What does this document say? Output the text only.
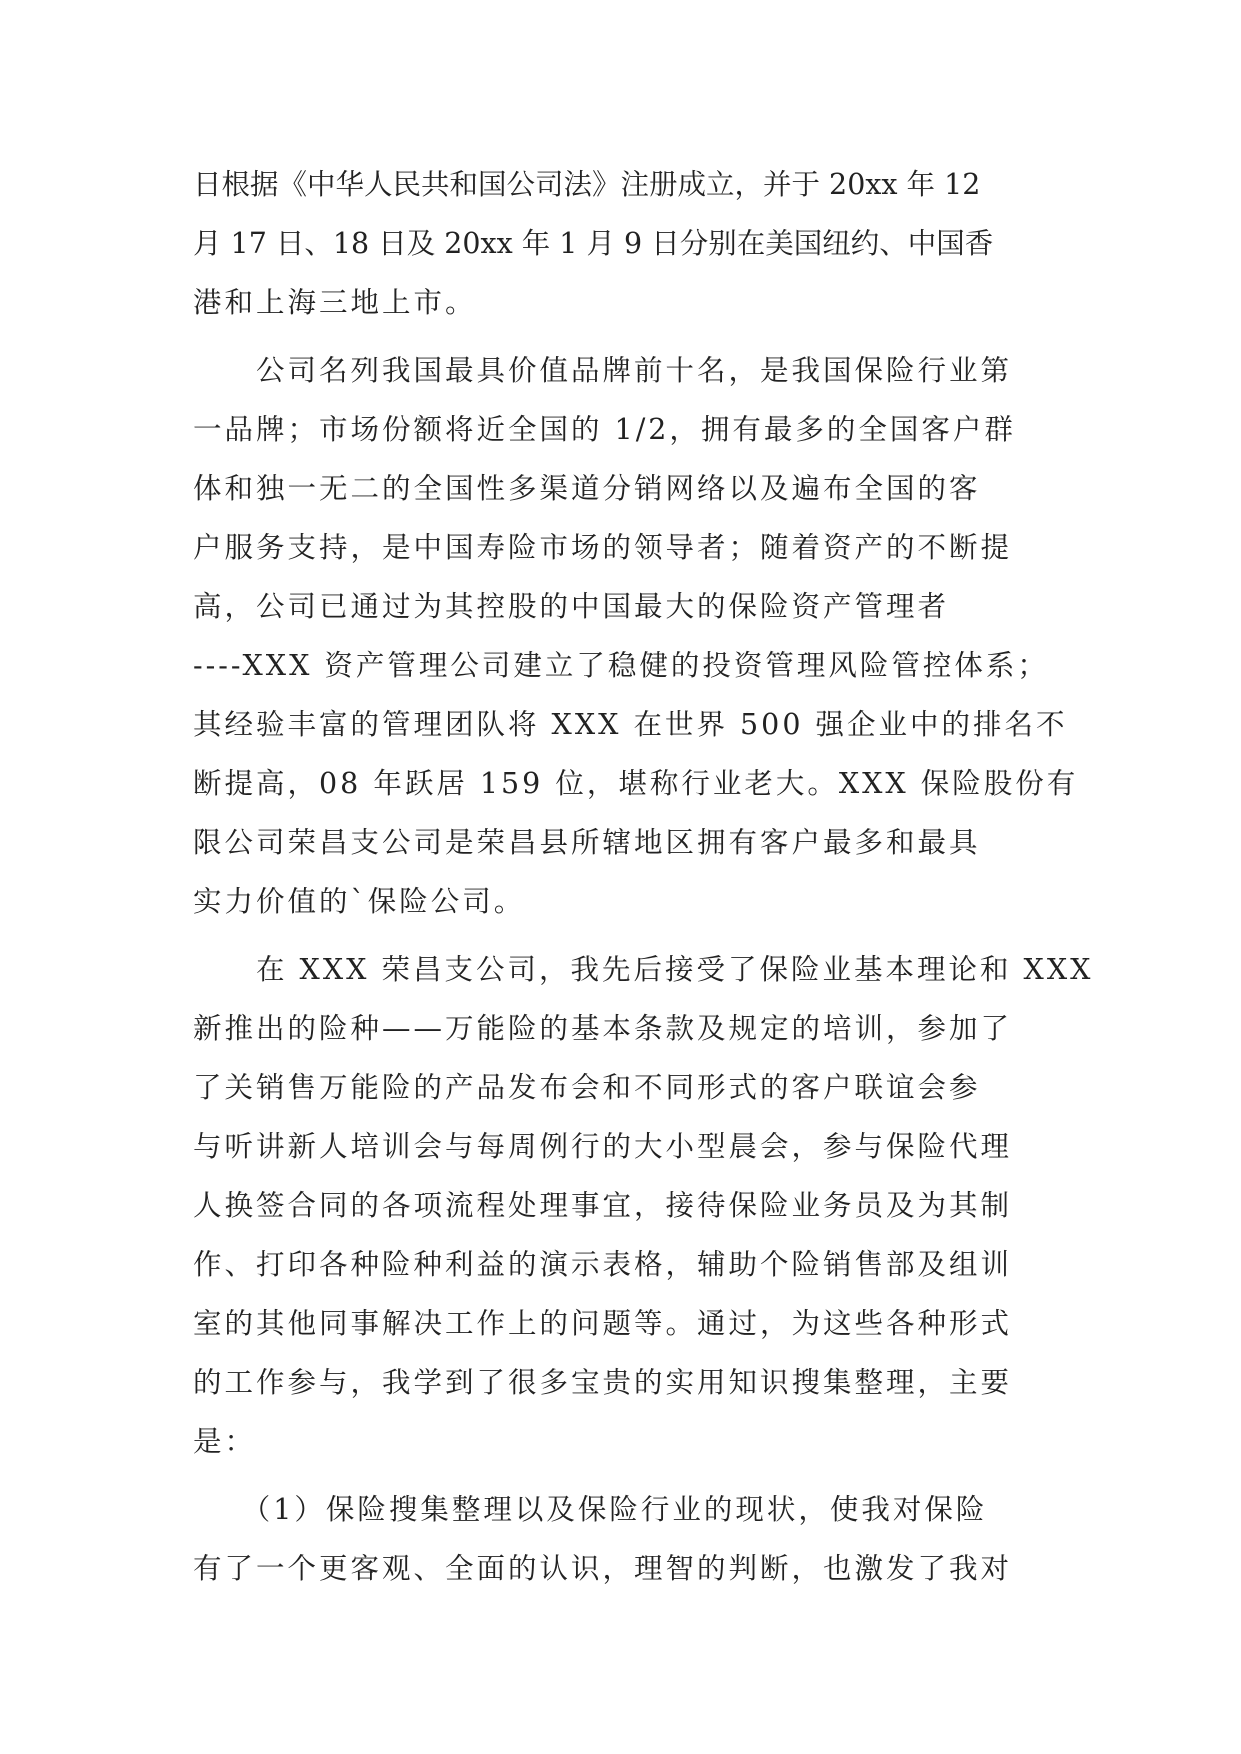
日根据《中华人民共和国公司法》注册成立，并于 20xx 年 12
月 17 日、18 日及 20xx 年 1 月 9 日分别在美国纽约、中国香
港和上海三地上市。
　　公司名列我国最具价值品牌前十名，是我国保险行业第
一品牌；市场份额将近全国的 1/2，拥有最多的全国客户群
体和独一无二的全国性多渠道分销网络以及遍布全国的客
户服务支持，是中国寿险市场的领导者；随着资产的不断提
高，公司已通过为其控股的中国最大的保险资产管理者
----XXX 资产管理公司建立了稳健的投资管理风险管控体系；
其经验丰富的管理团队将 XXX 在世界 500 强企业中的排名不
断提高，08 年跃居 159 位，堪称行业老大。XXX 保险股份有
限公司荣昌支公司是荣昌县所辖地区拥有客户最多和最具
实力价值的`保险公司。
　　在 XXX 荣昌支公司，我先后接受了保险业基本理论和 XXX
新推出的险种——万能险的基本条款及规定的培训，参加了
了关销售万能险的产品发布会和不同形式的客户联谊会参
与听讲新人培训会与每周例行的大小型晨会，参与保险代理
人换签合同的各项流程处理事宜，接待保险业务员及为其制
作、打印各种险种利益的演示表格，辅助个险销售部及组训
室的其他同事解决工作上的问题等。通过，为这些各种形式
的工作参与，我学到了很多宝贵的实用知识搜集整理，主要
是：
　　（1）保险搜集整理以及保险行业的现状，使我对保险
有了一个更客观、全面的认识，理智的判断，也激发了我对
